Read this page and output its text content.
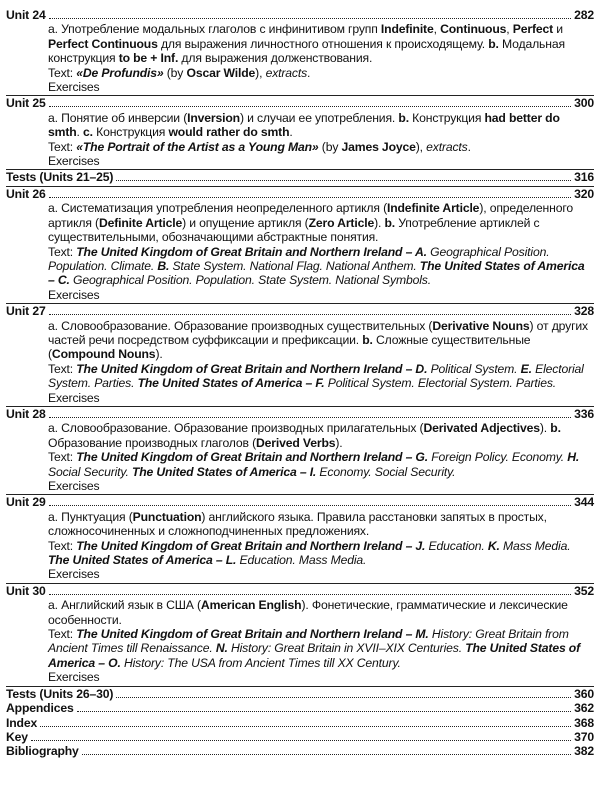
Unit 24	282

a. Употребление модальных глаголов с инфинитивом групп Indefinite, Continuous, Perfect и Perfect Continuous для выражения личностного отношения к происходящему. b. Модальная конструкция to be + Inf. для выражения долженствования.

Text: «De Profundis» (by Oscar Wilde), extracts.

Exercises

Unit 25	300

a. Понятие об инверсии (Inversion) и случаи ее употребления. b. Конструкция had better do smth. c. Конструкция would rather do smth.

Text: «The Portrait of the Artist as a Young Man» (by James Joyce), extracts.

Exercises

Tests (Units 21–25)	316
Unit 26	320

a. Систематизация употребления неопределенного артикля (Indefinite Article), определенного артикля (Definite Article) и опущение артикля (Zero Article). b. Употребление артиклей с существительными, обозначающими абстрактные понятия.

Text: The United Kingdom of Great Britain and Northern Ireland – A. Geographical Position. Population. Climate. B. State System. National Flag. National Anthem. The United States of America – C. Geographical Position. Population. State System. National Symbols.

Exercises

Unit 27	328

a. Словообразование. Образование производных существительных (Derivative Nouns) от других частей речи посредством суффиксации и префиксации. b. Сложные существительные (Compound Nouns).

Text: The United Kingdom of Great Britain and Northern Ireland – D. Political System. E. Electorial System. Parties. The United States of America – F. Political System. Electorial System. Parties.

Exercises

Unit 28	336

a. Словообразование. Образование производных прилагательных (Derivated Adjectives). b. Образование производных глаголов (Derived Verbs).

Text: The United Kingdom of Great Britain and Northern Ireland – G. Foreign Policy. Economy. H. Social Security. The United States of America – I. Economy. Social Security.

Exercises

Unit 29	344

a. Пунктуация (Punctuation) английского языка. Правила расстановки запятых в простых, сложносочиненных и сложноподчиненных предложениях.

Text: The United Kingdom of Great Britain and Northern Ireland – J. Education. K. Mass Media. The United States of America – L. Education. Mass Media.

Exercises

Unit 30	352

a. Английский язык в США (American English). Фонетические, грамматические и лексические особенности.

Text: The United Kingdom of Great Britain and Northern Ireland – M. History: Great Britain from Ancient Times till Renaissance. N. History: Great Britain in XVII–XIX Centuries. The United States of America – O. History: The USA from Ancient Times till XX Century.

Exercises

Tests (Units 26–30)	360
Appendices	362
Index	368
Key	370
Bibliography	382
